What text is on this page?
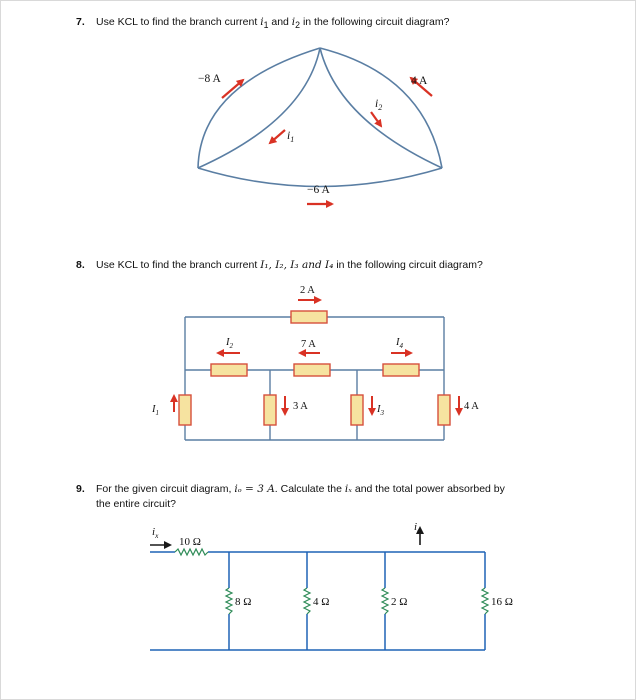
7. Use KCL to find the branch current $i_1$ and $i_2$ in the following circuit diagram?
8. Use KCL to find the branch current I₁, I₂, I₃ and I₄ in the following circuit diagram?
9. For the given circuit diagram, iₒ = 3 A. Calculate the iₓ and the total power absorbed by
the entire circuit?
−8 A	4 A
−6 A
$i_1$
$i_2$
2 A
7 A
3 A	4 A
$I_2$	$I_4$
$I_1$	$I_3$
$i_x$
$i_o$
10 Ω
8 Ω	4 Ω	2 Ω	16 Ω
